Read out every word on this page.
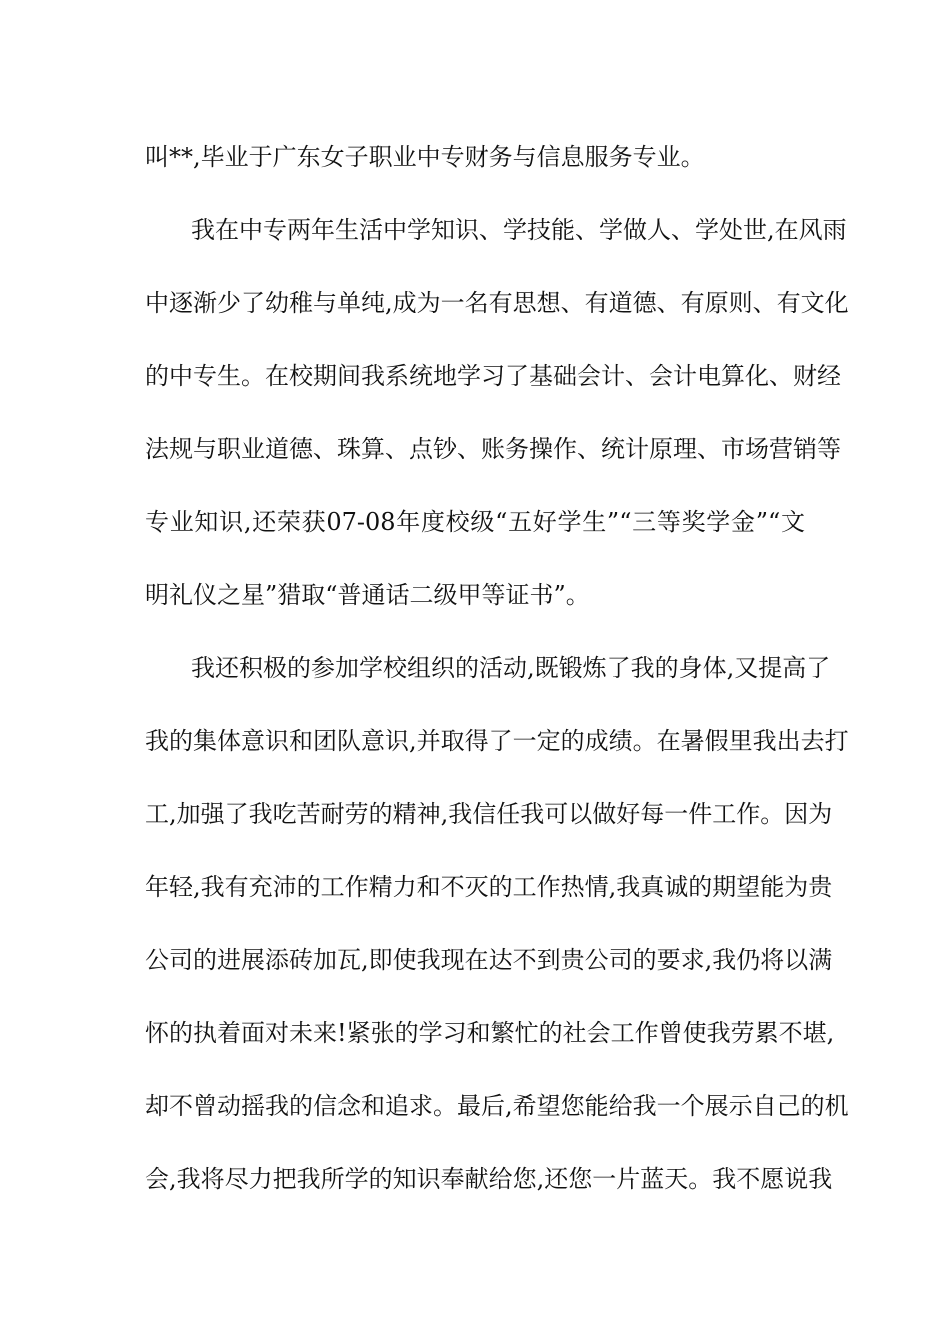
叫**,毕业于广东女子职业中专财务与信息服务专业。
我在中专两年生活中学知识、学技能、学做人、学处世,在风雨
中逐渐少了幼稚与单纯,成为一名有思想、有道德、有原则、有文化
的中专生。在校期间我系统地学习了基础会计、会计电算化、财经
法规与职业道德、珠算、点钞、账务操作、统计原理、市场营销等
专业知识,还荣获07-08年度校级“五好学生”“三等奖学金”“文
明礼仪之星”猎取“普通话二级甲等证书”。
我还积极的参加学校组织的活动,既锻炼了我的身体,又提高了
我的集体意识和团队意识,并取得了一定的成绩。在暑假里我出去打
工,加强了我吃苦耐劳的精神,我信任我可以做好每一件工作。因为
年轻,我有充沛的工作精力和不灭的工作热情,我真诚的期望能为贵
公司的进展添砖加瓦,即使我现在达不到贵公司的要求,我仍将以满
怀的执着面对未来!紧张的学习和繁忙的社会工作曾使我劳累不堪,
却不曾动摇我的信念和追求。最后,希望您能给我一个展示自己的机
会,我将尽力把我所学的知识奉献给您,还您一片蓝天。我不愿说我
